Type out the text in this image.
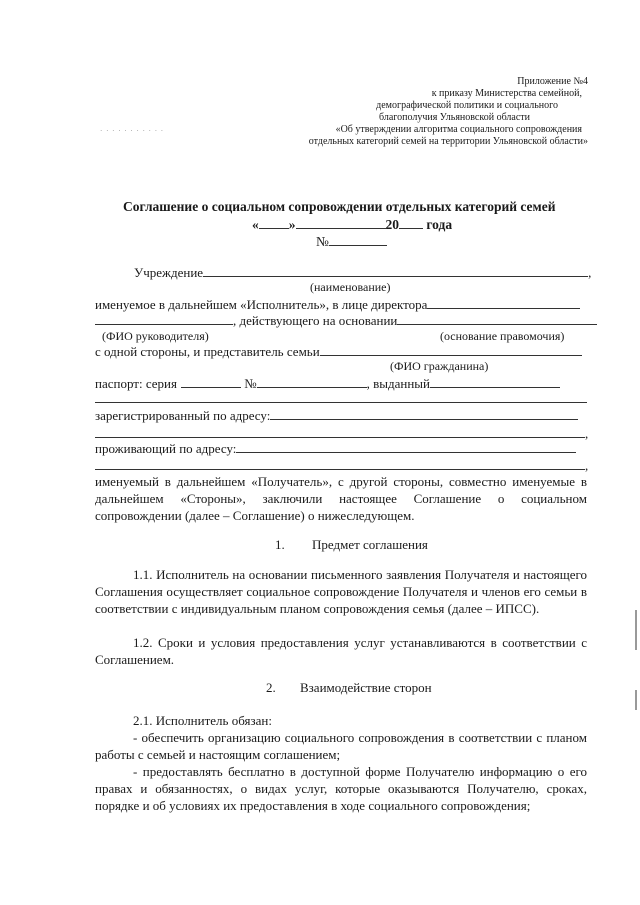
· · · · · · · · · · ·
Приложение №4
к приказу Министерства семейной,
демографической политики и социального
благополучия Ульяновской области
«Об утверждении алгоритма социального сопровождения
отдельных категорий семей на территории Ульяновской области»
Соглашение о социальном сопровождении отдельных категорий семей
« »	20 года
№
Учреждение	,
(наименование)
именуемое в дальнейшем «Исполнитель», в лице директора
, действующего на основании
(ФИО руководителя)	(основание правомочия)
с одной стороны, и представитель семьи
(ФИО гражданина)
паспорт: серия	№	, выданный
зарегистрированный по адресу:
,
проживающий по адресу:
,
именуемый в дальнейшем «Получатель», с другой стороны, совместно именуемые в дальнейшем «Стороны», заключили настоящее Соглашение о социальном сопровождении (далее – Соглашение) о нижеследующем.
1. Предмет соглашения
1.1. Исполнитель на основании письменного заявления Получателя и настоящего Соглашения осуществляет социальное сопровождение Получателя и членов его семьи в соответствии с индивидуальным планом сопровождения семья (далее – ИПСС).
1.2. Сроки и условия предоставления услуг устанавливаются в соответствии с Соглашением.
2. Взаимодействие сторон
2.1. Исполнитель обязан:
- обеспечить организацию социального сопровождения в соответствии с планом работы с семьей и настоящим соглашением;
- предоставлять бесплатно в доступной форме Получателю информацию о его правах и обязанностях, о видах услуг, которые оказываются Получателю, сроках, порядке и об условиях их предоставления в ходе социального сопровождения;
